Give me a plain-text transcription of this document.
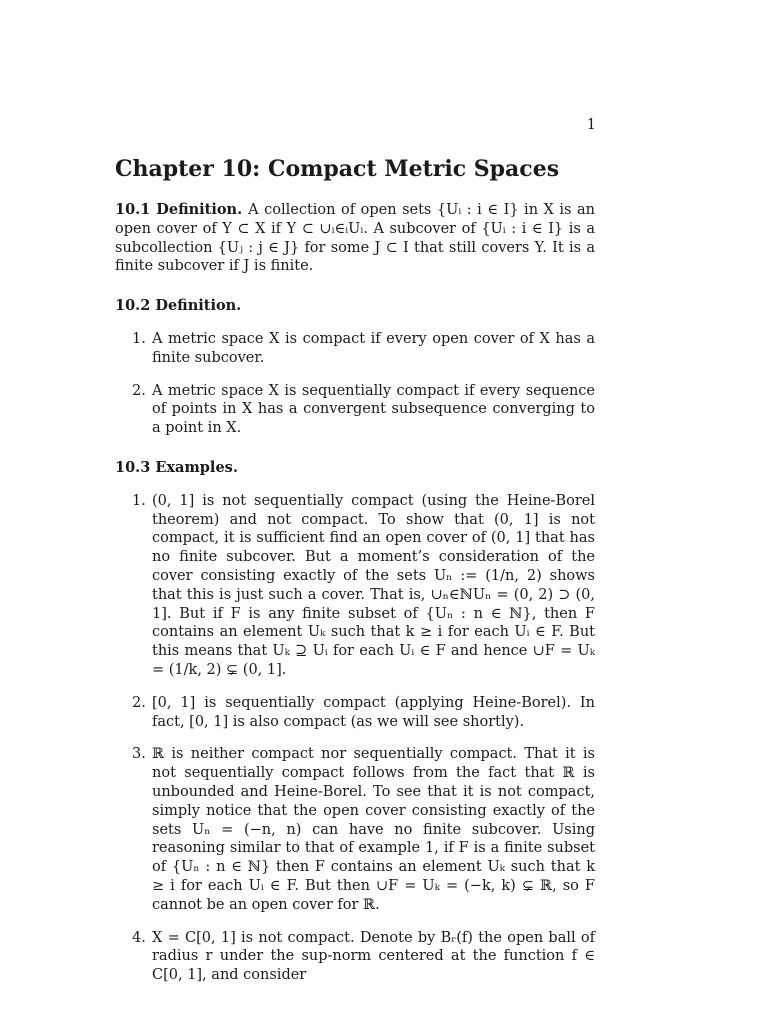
1
Chapter 10: Compact Metric Spaces

10.1 Definition. A collection of open sets {Uᵢ : i ∈ I} in X is an open cover of Y ⊂ X if Y ⊂ ∪ᵢ∈ᵢUᵢ. A subcover of {Uᵢ : i ∈ I} is a subcollection {Uⱼ : j ∈ J} for some J ⊂ I that still covers Y. It is a finite subcover if J is finite.

10.2 Definition.
1. A metric space X is compact if every open cover of X has a finite subcover.
2. A metric space X is sequentially compact if every sequence of points in X has a convergent subsequence converging to a point in X.
10.3 Examples.
1. (0, 1] is not sequentially compact (using the Heine-Borel theorem) and not compact. To show that (0, 1] is not compact, it is sufficient find an open cover of (0, 1] that has no finite subcover. But a moment’s consideration of the cover consisting exactly of the sets Uₙ := (1/n, 2) shows that this is just such a cover. That is, ∪ₙ∈ℕUₙ = (0, 2) ⊃ (0, 1]. But if F is any finite subset of {Uₙ : n ∈ ℕ}, then F contains an element Uₖ such that k ≥ i for each Uᵢ ∈ F. But this means that Uₖ ⊇ Uᵢ for each Uᵢ ∈ F and hence ∪F = Uₖ = (1/k, 2) ⊊ (0, 1].
2. [0, 1] is sequentially compact (applying Heine-Borel). In fact, [0, 1] is also compact (as we will see shortly).
3. ℝ is neither compact nor sequentially compact. That it is not sequentially compact follows from the fact that ℝ is unbounded and Heine-Borel. To see that it is not compact, simply notice that the open cover consisting exactly of the sets Uₙ = (−n, n) can have no finite subcover. Using reasoning similar to that of example 1, if F is a finite subset of {Uₙ : n ∈ ℕ} then F contains an element Uₖ such that k ≥ i for each Uᵢ ∈ F. But then ∪F = Uₖ = (−k, k) ⊊ ℝ, so F cannot be an open cover for ℝ.
4. X = C[0, 1] is not compact. Denote by Bᵣ(f) the open ball of radius r under the sup-norm centered at the function f ∈ C[0, 1], and consider
